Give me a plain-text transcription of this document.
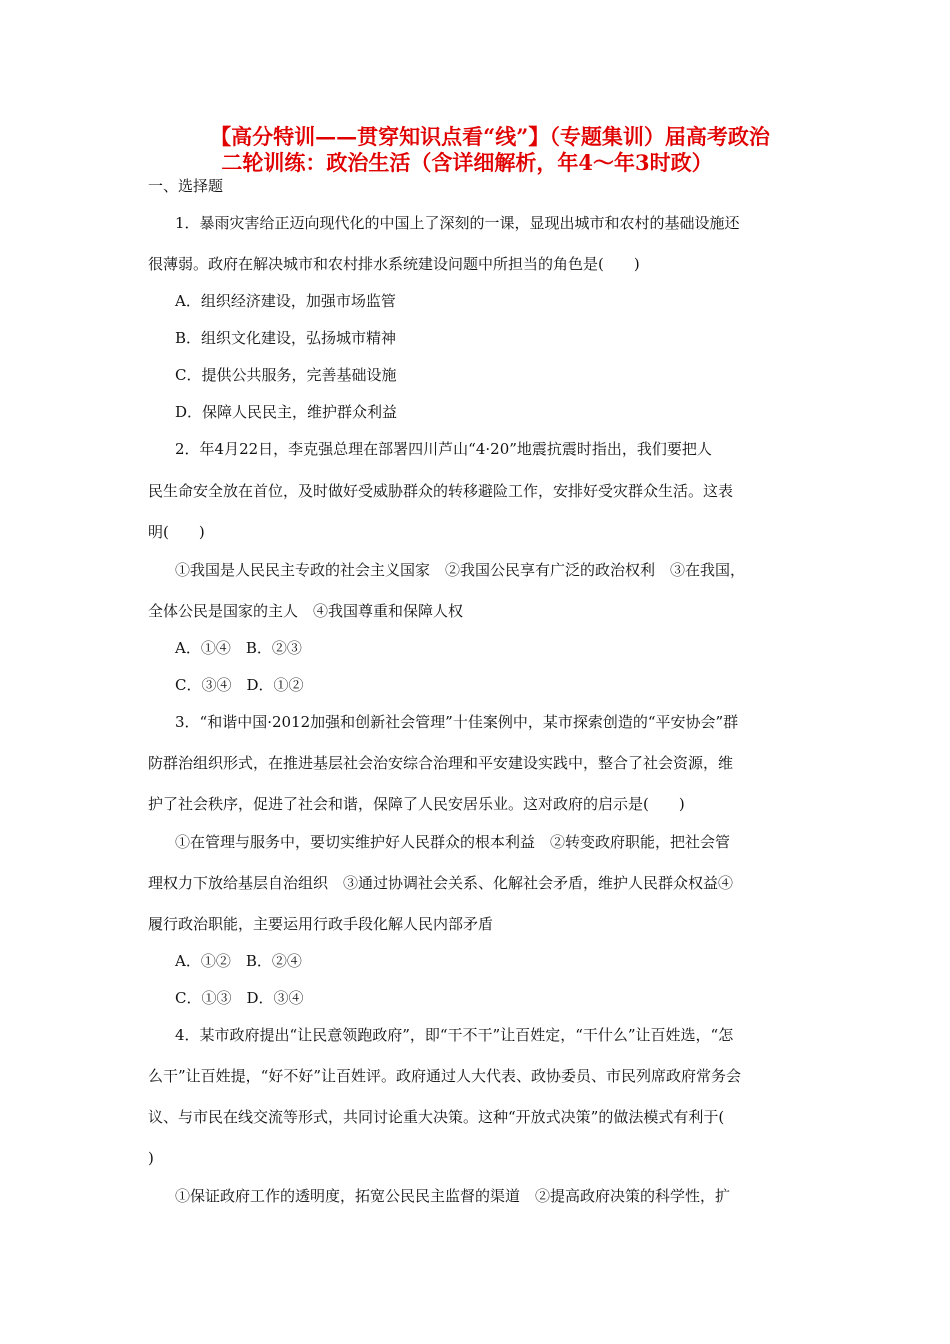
【高分特训——贯穿知识点看“线”】（专题集训）届高考政治
二轮训练：政治生活（含详细解析，年4～年3时政）
一、选择题
1．暴雨灾害给正迈向现代化的中国上了深刻的一课，显现出城市和农村的基础设施还
很薄弱。政府在解决城市和农村排水系统建设问题中所担当的角色是(　　)
A．组织经济建设，加强市场监管
B．组织文化建设，弘扬城市精神
C．提供公共服务，完善基础设施
D．保障人民民主，维护群众利益
2．年4月22日，李克强总理在部署四川芦山“4·20”地震抗震时指出，我们要把人
民生命安全放在首位，及时做好受威胁群众的转移避险工作，安排好受灾群众生活。这表
明(　　)
①我国是人民民主专政的社会主义国家　②我国公民享有广泛的政治权利　③在我国，
全体公民是国家的主人　④我国尊重和保障人权
A．①④　B．②③
C．③④　D．①②
3．“和谐中国·2012加强和创新社会管理”十佳案例中，某市探索创造的“平安协会”群
防群治组织形式，在推进基层社会治安综合治理和平安建设实践中，整合了社会资源，维
护了社会秩序，促进了社会和谐，保障了人民安居乐业。这对政府的启示是(　　)
①在管理与服务中，要切实维护好人民群众的根本利益　②转变政府职能，把社会管
理权力下放给基层自治组织　③通过协调社会关系、化解社会矛盾，维护人民群众权益④
履行政治职能，主要运用行政手段化解人民内部矛盾
A．①②　B．②④
C．①③　D．③④
4．某市政府提出“让民意领跑政府”，即“干不干”让百姓定，“干什么”让百姓选，“怎
么干”让百姓提，“好不好”让百姓评。政府通过人大代表、政协委员、市民列席政府常务会
议、与市民在线交流等形式，共同讨论重大决策。这种“开放式决策”的做法模式有利于(
)
①保证政府工作的透明度，拓宽公民民主监督的渠道　②提高政府决策的科学性，扩
